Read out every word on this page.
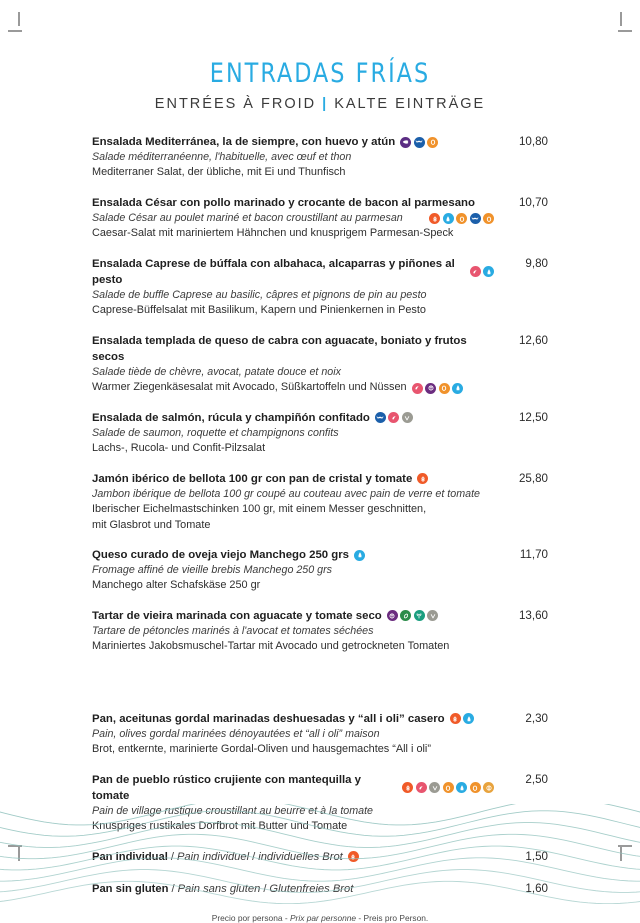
ENTRADAS FRÍAS
ENTRÉES À FROID | KALTE EINTRÄGE
Ensalada Mediterránea, la de siempre, con huevo y atún
Salade méditerranéenne, l'habituelle, avec œuf et thon
Mediterraner Salat, der übliche, mit Ei und Thunfisch
10,80
Ensalada César con pollo marinado y crocante de bacon al parmesano
Salade César au poulet mariné et bacon croustillant au parmesan
Caesar-Salat mit mariniertem Hähnchen und knusprigem Parmesan-Speck
10,70
Ensalada Caprese de búffala con albahaca, alcaparras y piñones al pesto
Salade de buffle Caprese au basilic, câpres et pignons de pin au pesto
Caprese-Büffelsalat mit Basilikum, Kapern und Pinienkernen in Pesto
9,80
Ensalada templada de queso de cabra con aguacate, boniato y frutos secos
Salade tiède de chèvre, avocat, patate douce et noix
Warmer Ziegenkäsesalat mit Avocado, Süßkartoffeln und Nüssen
12,60
Ensalada de salmón, rúcula y champiñón confitado
Salade de saumon, roquette et champignons confits
Lachs-, Rucola- und Confit-Pilzsalat
12,50
Jamón ibérico de bellota 100 gr con pan de cristal y tomate
Jambon ibérique de bellota 100 gr coupé au couteau avec pain de verre et tomate
Iberischer Eichelmastschinken 100 gr, mit einem Messer geschnitten,
mit Glasbrot und Tomate
25,80
Queso curado de oveja viejo Manchego 250 grs
Fromage affiné de vieille brebis Manchego 250 grs
Manchego alter Schafskäse 250 gr
11,70
Tartar de vieira marinada con aguacate y tomate seco
Tartare de pétoncles marinés à l'avocat et tomates séchées
Mariniertes Jakobsmuschel-Tartar mit Avocado und getrockneten Tomaten
13,60
Pan, aceitunas gordal marinadas deshuesadas y “all i oli” casero
Pain, olives gordal marinées dénoyautées et “all i oli” maison
Brot, entkernte, marinierte Gordal-Oliven und hausgemachtes “All i oli”
2,30
Pan de pueblo rústico crujiente con mantequilla y tomate
Pain de village rustique croustillant au beurre et à la tomate
Knuspriges rustikales Dorfbrot mit Butter und Tomate
2,50
Pan individual / Pain individuel / individuelles Brot	1,50
Pan sin gluten / Pain sans gluten / Glutenfreies Brot	1,60
Precio por persona - Prix par personne - Preis pro Person.
